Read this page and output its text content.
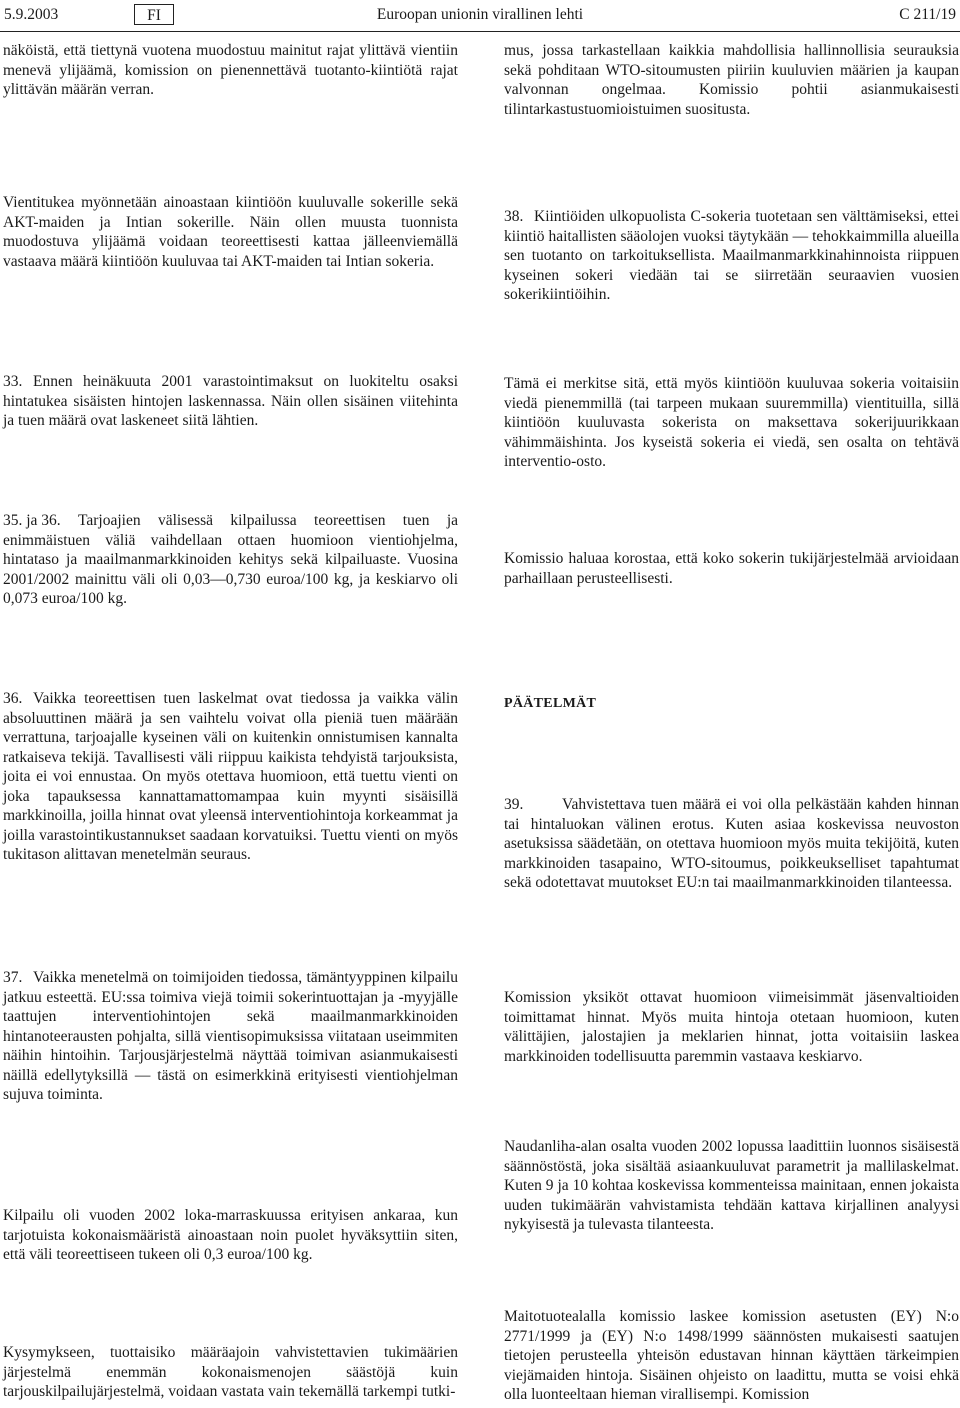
5.9.2003	FI	Euroopan unionin virallinen lehti	C 211/19

näköistä, että tiettynä vuotena muodostuu mainitut rajat ylittävä vientiin menevä ylijäämä, komission on pienennettävä tuotanto-kiintiötä rajat ylittävän määrän verran.

Vientitukea myönnetään ainoastaan kiintiöön kuuluvalle sokerille sekä AKT-maiden ja Intian sokerille. Näin ollen muusta tuonnista muodostuva ylijäämä voidaan teoreettisesti kattaa jälleenviemällä vastaava määrä kiintiöön kuuluvaa tai AKT-maiden tai Intian sokeria.

33. Ennen heinäkuuta 2001 varastointimaksut on luokiteltu osaksi hintatukea sisäisten hintojen laskennassa. Näin ollen sisäinen viitehinta ja tuen määrä ovat laskeneet siitä lähtien.

35. ja 36. Tarjoajien välisessä kilpailussa teoreettisen tuen ja enimmäistuen väliä vaihdellaan ottaen huomioon vientiohjelma, hintataso ja maailmanmarkkinoiden kehitys sekä kilpailuaste. Vuosina 2001/2002 mainittu väli oli 0,03—0,730 euroa/100 kg, ja keskiarvo oli 0,073 euroa/100 kg.

36. Vaikka teoreettisen tuen laskelmat ovat tiedossa ja vaikka välin absoluuttinen määrä ja sen vaihtelu voivat olla pieniä tuen määrään verrattuna, tarjoajalle kyseinen väli on kuitenkin onnistumisen kannalta ratkaiseva tekijä. Tavallisesti väli riippuu kaikista tehdyistä tarjouksista, joita ei voi ennustaa. On myös otettava huomioon, että tuettu vienti on joka tapauksessa kannattamattomampaa kuin myynti sisäisillä markkinoilla, joilla hinnat ovat yleensä interventiohintoja korkeammat ja joilla varastointikustannukset saadaan korvatuiksi. Tuettu vienti on myös tukitason alittavan menetelmän seuraus.

37. Vaikka menetelmä on toimijoiden tiedossa, tämäntyyppinen kilpailu jatkuu esteettä. EU:ssa toimiva viejä toimii sokerintuottajan ja -myyjälle taattujen interventiohintojen sekä maailmanmarkkinoiden hintanoteerausten pohjalta, sillä vientisopimuksissa viitataan useimmiten näihin hintoihin. Tarjousjärjestelmä näyttää toimivan asianmukaisesti näillä edellytyksillä — tästä on esimerkkinä erityisesti vientiohjelman sujuva toiminta.

Kilpailu oli vuoden 2002 loka-marraskuussa erityisen ankaraa, kun tarjotuista kokonaismääristä ainoastaan noin puolet hyväksyttiin siten, että väli teoreettiseen tukeen oli 0,3 euroa/100 kg.

Kysymykseen, tuottaisiko määräajoin vahvistettavien tukimäärien järjestelmä enemmän kokonaismenojen säästöjä kuin tarjouskilpailujärjestelmä, voidaan vastata vain tekemällä tarkempi tutki-

mus, jossa tarkastellaan kaikkia mahdollisia hallinnollisia seurauksia sekä pohditaan WTO-sitoumusten piiriin kuuluvien määrien ja kaupan valvonnan ongelmaa. Komissio pohtii asianmukaisesti tilintarkastustuomioistuimen suositusta.

38. Kiintiöiden ulkopuolista C-sokeria tuotetaan sen välttämiseksi, ettei kiintiö haitallisten sääolojen vuoksi täytykään — tehokkaimmilla alueilla sen tuotanto on tarkoituksellista. Maailmanmarkkinahinnoista riippuen kyseinen sokeri viedään tai se siirretään seuraavien vuosien sokerikiintiöihin.

Tämä ei merkitse sitä, että myös kiintiöön kuuluvaa sokeria voitaisiin viedä pienemmillä (tai tarpeen mukaan suuremmilla) vientituilla, sillä kiintiöön kuuluvasta sokerista on maksettava sokerijuurikkaan vähimmäishinta. Jos kyseistä sokeria ei viedä, sen osalta on tehtävä interventio-osto.

Komissio haluaa korostaa, että koko sokerin tukijärjestelmää arvioidaan parhaillaan perusteellisesti.

PÄÄTELMÄT

39. Vahvistettava tuen määrä ei voi olla pelkästään kahden hinnan tai hintaluokan välinen erotus. Kuten asiaa koskevissa neuvoston asetuksissa säädetään, on otettava huomioon myös muita tekijöitä, kuten markkinoiden tasapaino, WTO-sitoumus, poikkeukselliset tapahtumat sekä odotettavat muutokset EU:n tai maailmanmarkkinoiden tilanteessa.

Komission yksiköt ottavat huomioon viimeisimmät jäsenvaltioiden toimittamat hinnat. Myös muita hintoja otetaan huomioon, kuten välittäjien, jalostajien ja meklarien hinnat, jotta voitaisiin laskea markkinoiden todellisuutta paremmin vastaava keskiarvo.

Naudanliha-alan osalta vuoden 2002 lopussa laadittiin luonnos sisäisestä säännöstöstä, joka sisältää asiaankuuluvat parametrit ja mallilaskelmat. Kuten 9 ja 10 kohtaa koskevissa kommenteissa mainitaan, ennen jokaista uuden tukimäärän vahvistamista tehdään kattava kirjallinen analyysi nykyisestä ja tulevasta tilanteesta.

Maitotuotealalla komissio laskee komission asetusten (EY) N:o 2771/1999 ja (EY) N:o 1498/1999 säännösten mukaisesti saatujen tietojen perusteella yhteisön edustavan hinnan käyttäen tärkeimpien viejämaiden hintoja. Sisäinen ohjeisto on laadittu, mutta se voisi ehkä olla luonteeltaan hieman virallisempi. Komission
